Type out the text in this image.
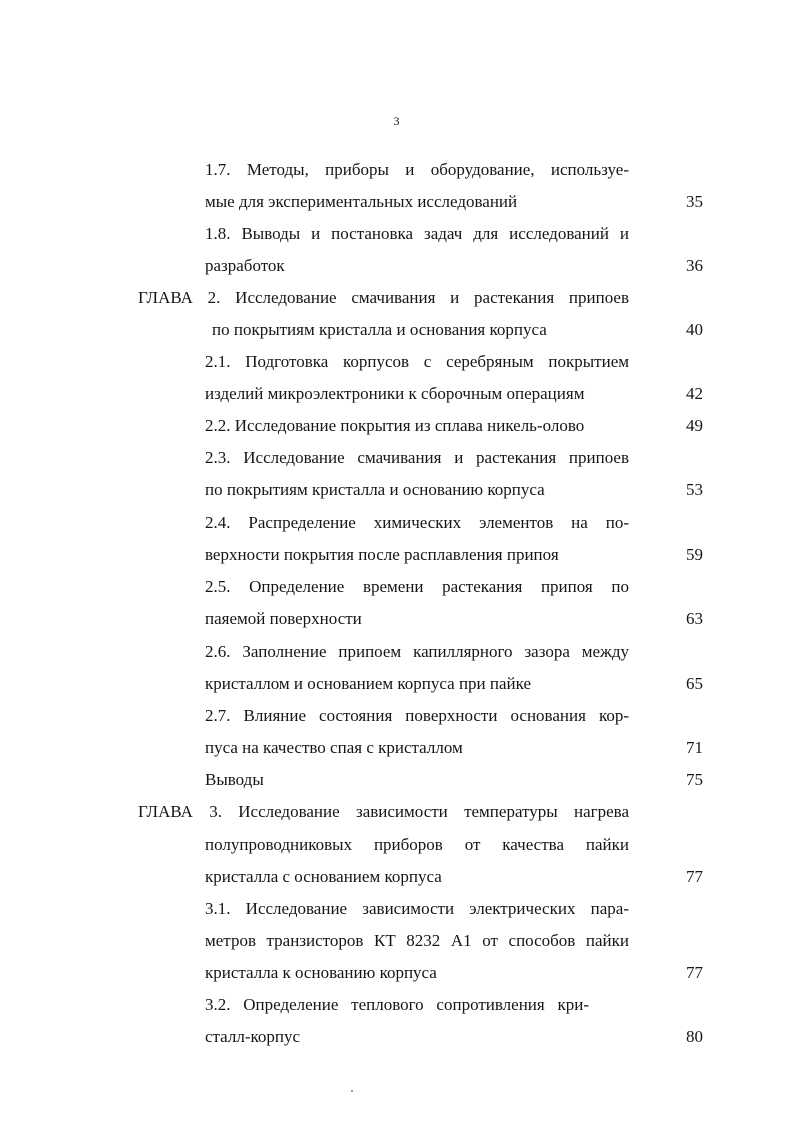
3
1.7. Методы, приборы и оборудование, используе-
мые для экспериментальных исследований	35
1.8. Выводы и постановка задач для исследований и
разработок	36
ГЛАВА 2. Исследование смачивания и растекания припоев
по покрытиям кристалла и основания корпуса	40
2.1. Подготовка корпусов с серебряным покрытием
изделий микроэлектроники к сборочным операциям	42
2.2. Исследование покрытия из сплава никель-олово	49
2.3. Исследование смачивания и растекания припоев
по покрытиям кристалла и основанию корпуса	53
2.4. Распределение химических элементов на по-
верхности покрытия после расплавления припоя	59
2.5. Определение времени растекания припоя по
паяемой поверхности	63
2.6. Заполнение припоем капиллярного зазора между
кристаллом и основанием корпуса при пайке	65
2.7. Влияние состояния поверхности основания кор-
пуса на качество спая с кристаллом	71
Выводы	75
ГЛАВА 3. Исследование зависимости температуры нагрева
полупроводниковых приборов от качества пайки
кристалла с основанием корпуса	77
3.1. Исследование зависимости электрических пара-
метров транзисторов КТ 8232 А1 от способов пайки
кристалла к основанию корпуса	77
3.2. Определение теплового сопротивления кри-
сталл-корпус	80
